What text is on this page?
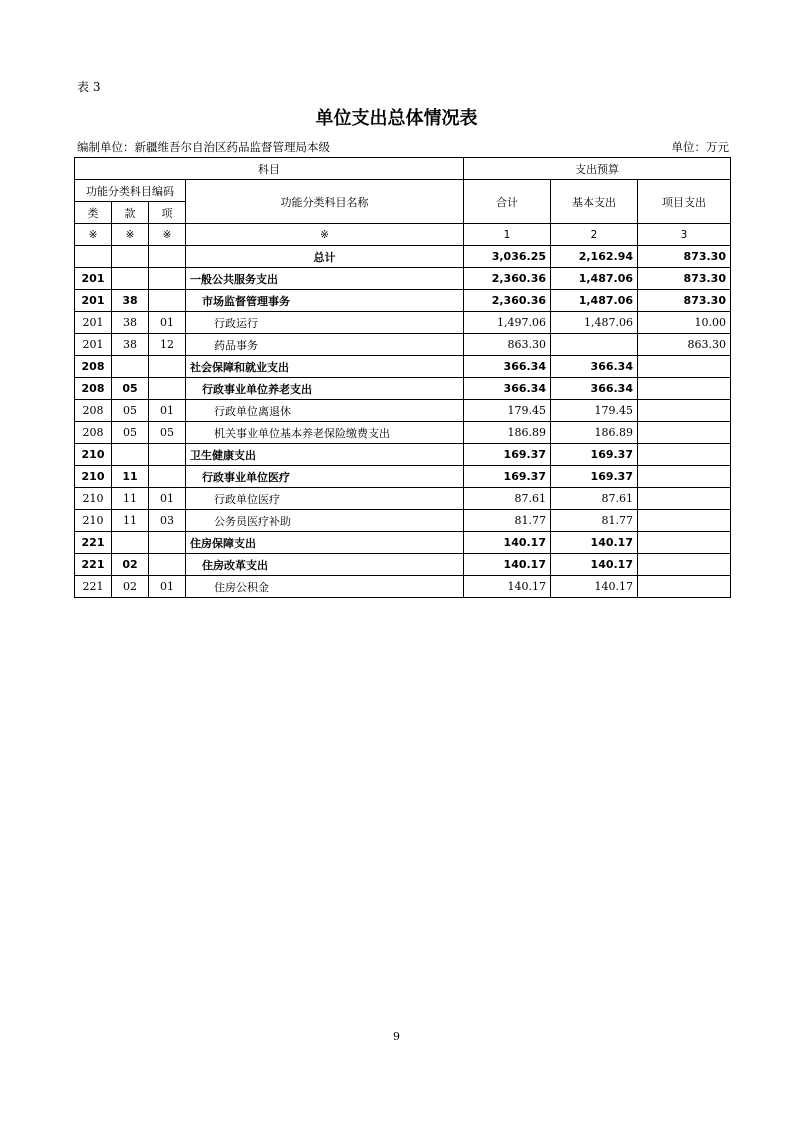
表 3
单位支出总体情况表
编制单位：新疆维吾尔自治区药品监督管理局本级	单位：万元
科目				支出预算		
功能分类科目编码			功能分类科目名称	合计	基本支出	项目支出
类	款	项				
※	※	※	※	1	2	3
			总计	3,036.25	2,162.94	873.30
201			一般公共服务支出	2,360.36	1,487.06	873.30
201	38		市场监督管理事务	2,360.36	1,487.06	873.30
201	38	01	行政运行	1,497.06	1,487.06	10.00
201	38	12	药品事务	863.30		863.30
208			社会保障和就业支出	366.34	366.34	
208	05		行政事业单位养老支出	366.34	366.34	
208	05	01	行政单位离退休	179.45	179.45	
208	05	05	机关事业单位基本养老保险缴费支出	186.89	186.89	
210			卫生健康支出	169.37	169.37	
210	11		行政事业单位医疗	169.37	169.37	
210	11	01	行政单位医疗	87.61	87.61	
210	11	03	公务员医疗补助	81.77	81.77	
221			住房保障支出	140.17	140.17	
221	02		住房改革支出	140.17	140.17	
221	02	01	住房公积金	140.17	140.17	
9
